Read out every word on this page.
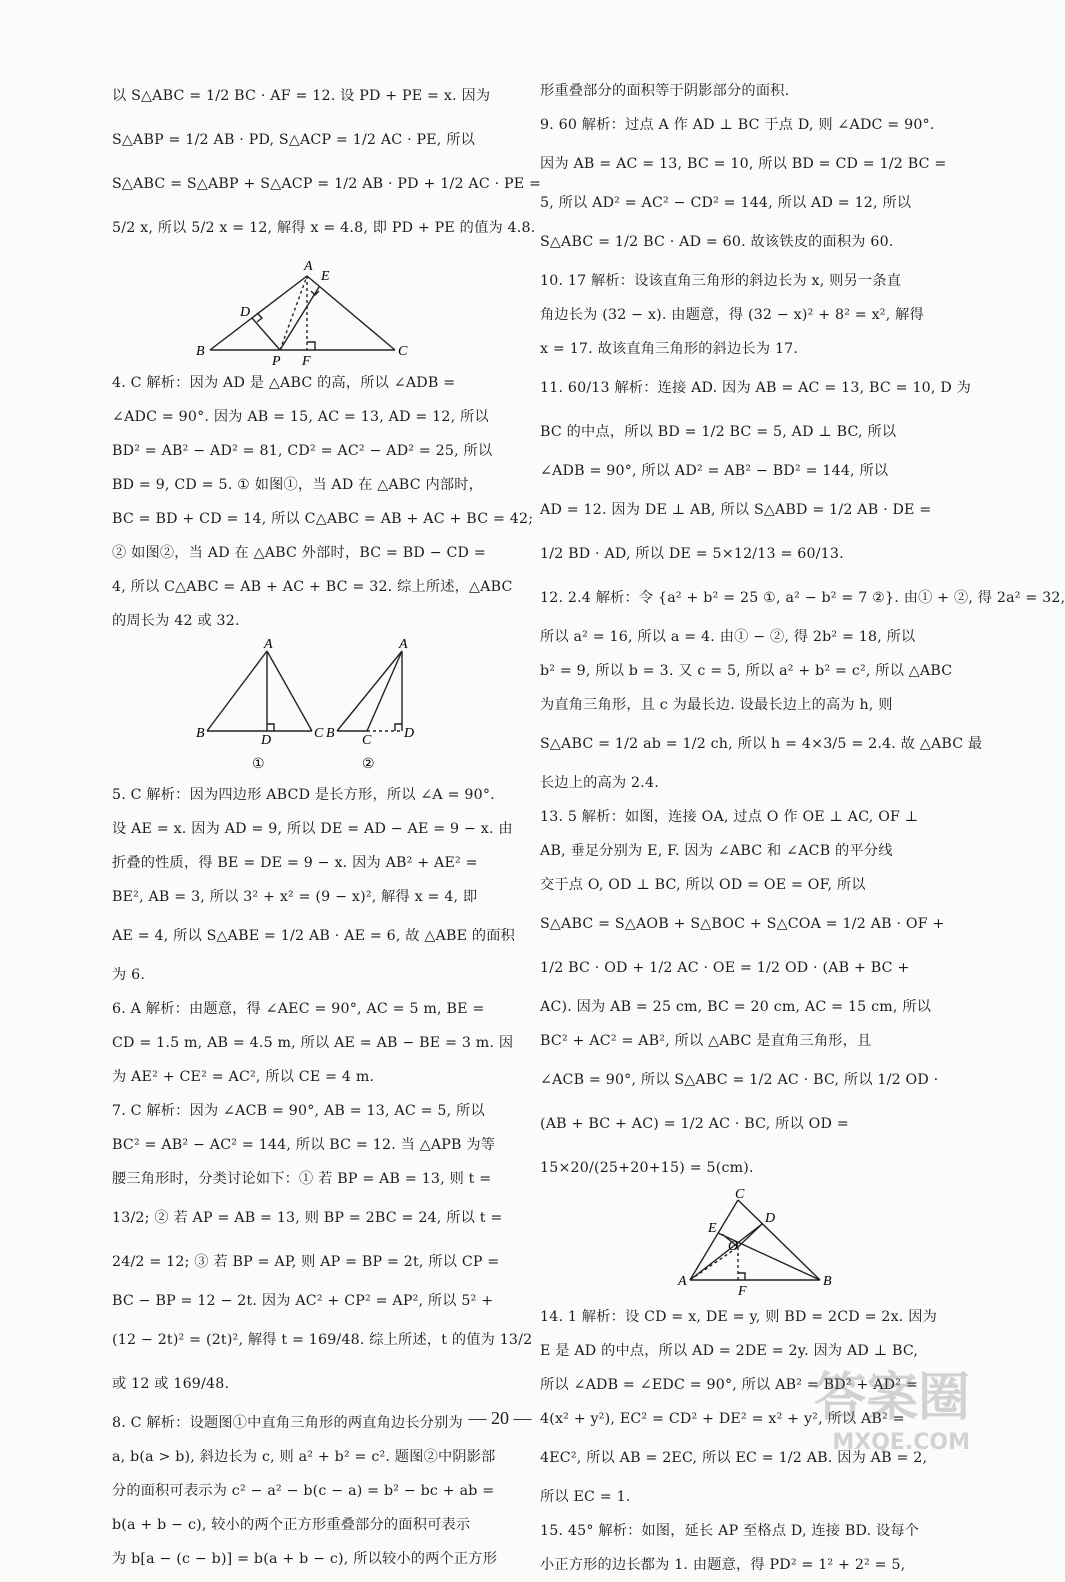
以 S△ABC = 1/2 BC · AF = 12. 设 PD + PE = x. 因为
S△ABP = 1/2 AB · PD, S△ACP = 1/2 AC · PE, 所以
S△ABC = S△ABP + S△ACP = 1/2 AB · PD + 1/2 AC · PE =
5/2 x, 所以 5/2 x = 12, 解得 x = 4.8, 即 PD + PE 的值为 4.8.
A
E
D
B
P F
C
4. C 解析：因为 AD 是 △ABC 的高，所以 ∠ADB =
∠ADC = 90°. 因为 AB = 15, AC = 13, AD = 12, 所以
BD² = AB² − AD² = 81, CD² = AC² − AD² = 25, 所以
BD = 9, CD = 5. ① 如图①，当 AD 在 △ABC 内部时，
BC = BD + CD = 14, 所以 C△ABC = AB + AC + BC = 42;
② 如图②，当 AD 在 △ABC 外部时，BC = BD − CD =
4, 所以 C△ABC = AB + AC + BC = 32. 综上所述，△ABC
的周长为 42 或 32.
A
B	D	C
①
A
B C D
②
5. C 解析：因为四边形 ABCD 是长方形，所以 ∠A = 90°.
设 AE = x. 因为 AD = 9, 所以 DE = AD − AE = 9 − x. 由
折叠的性质，得 BE = DE = 9 − x. 因为 AB² + AE² =
BE², AB = 3, 所以 3² + x² = (9 − x)², 解得 x = 4, 即
AE = 4, 所以 S△ABE = 1/2 AB · AE = 6, 故 △ABE 的面积
为 6.
6. A 解析：由题意，得 ∠AEC = 90°, AC = 5 m, BE =
CD = 1.5 m, AB = 4.5 m, 所以 AE = AB − BE = 3 m. 因
为 AE² + CE² = AC², 所以 CE = 4 m.
7. C 解析：因为 ∠ACB = 90°, AB = 13, AC = 5, 所以
BC² = AB² − AC² = 144, 所以 BC = 12. 当 △APB 为等
腰三角形时，分类讨论如下：① 若 BP = AB = 13, 则 t =
13/2; ② 若 AP = AB = 13, 则 BP = 2BC = 24, 所以 t =
24/2 = 12; ③ 若 BP = AP, 则 AP = BP = 2t, 所以 CP =
BC − BP = 12 − 2t. 因为 AC² + CP² = AP², 所以 5² +
(12 − 2t)² = (2t)², 解得 t = 169/48. 综上所述，t 的值为 13/2
或 12 或 169/48.
8. C 解析：设题图①中直角三角形的两直角边长分别为
a, b(a > b), 斜边长为 c, 则 a² + b² = c². 题图②中阴影部
分的面积可表示为 c² − a² − b(c − a) = b² − bc + ab =
b(a + b − c), 较小的两个正方形重叠部分的面积可表示
为 b[a − (c − b)] = b(a + b − c), 所以较小的两个正方形
形重叠部分的面积等于阴影部分的面积.
9. 60 解析：过点 A 作 AD ⊥ BC 于点 D, 则 ∠ADC = 90°.
因为 AB = AC = 13, BC = 10, 所以 BD = CD = 1/2 BC =
5, 所以 AD² = AC² − CD² = 144, 所以 AD = 12, 所以
S△ABC = 1/2 BC · AD = 60. 故该铁皮的面积为 60.
10. 17 解析：设该直角三角形的斜边长为 x, 则另一条直
角边长为 (32 − x). 由题意，得 (32 − x)² + 8² = x², 解得
x = 17. 故该直角三角形的斜边长为 17.
11. 60/13 解析：连接 AD. 因为 AB = AC = 13, BC = 10, D 为
BC 的中点，所以 BD = 1/2 BC = 5, AD ⊥ BC, 所以
∠ADB = 90°, 所以 AD² = AB² − BD² = 144, 所以
AD = 12. 因为 DE ⊥ AB, 所以 S△ABD = 1/2 AB · DE =
1/2 BD · AD, 所以 DE = 5×12/13 = 60/13.
12. 2.4 解析：令 {a² + b² = 25 ①, a² − b² = 7 ②}. 由① + ②, 得 2a² = 32,
所以 a² = 16, 所以 a = 4. 由① − ②, 得 2b² = 18, 所以
b² = 9, 所以 b = 3. 又 c = 5, 所以 a² + b² = c², 所以 △ABC
为直角三角形，且 c 为最长边. 设最长边上的高为 h, 则
S△ABC = 1/2 ab = 1/2 ch, 所以 h = 4×3/5 = 2.4. 故 △ABC 最
长边上的高为 2.4.
13. 5 解析：如图，连接 OA, 过点 O 作 OE ⊥ AC, OF ⊥
AB, 垂足分别为 E, F. 因为 ∠ABC 和 ∠ACB 的平分线
交于点 O, OD ⊥ BC, 所以 OD = OE = OF, 所以
S△ABC = S△AOB + S△BOC + S△COA = 1/2 AB · OF +
1/2 BC · OD + 1/2 AC · OE = 1/2 OD · (AB + BC +
AC). 因为 AB = 25 cm, BC = 20 cm, AC = 15 cm, 所以
BC² + AC² = AB², 所以 △ABC 是直角三角形，且
∠ACB = 90°, 所以 S△ABC = 1/2 AC · BC, 所以 1/2 OD ·
(AB + BC + AC) = 1/2 AC · BC, 所以 OD =
15×20/(25+20+15) = 5(cm).
C
E
D
O
A
F
B
14. 1 解析：设 CD = x, DE = y, 则 BD = 2CD = 2x. 因为
E 是 AD 的中点，所以 AD = 2DE = 2y. 因为 AD ⊥ BC,
所以 ∠ADB = ∠EDC = 90°, 所以 AB² = BD² + AD² =
4(x² + y²), EC² = CD² + DE² = x² + y², 所以 AB² =
4EC², 所以 AB = 2EC, 所以 EC = 1/2 AB. 因为 AB = 2,
所以 EC = 1.
15. 45° 解析：如图，延长 AP 至格点 D, 连接 BD. 设每个
小正方形的边长都为 1. 由题意，得 PD² = 1² + 2² = 5,
— 20 —	答案圈
MXQE.COM
